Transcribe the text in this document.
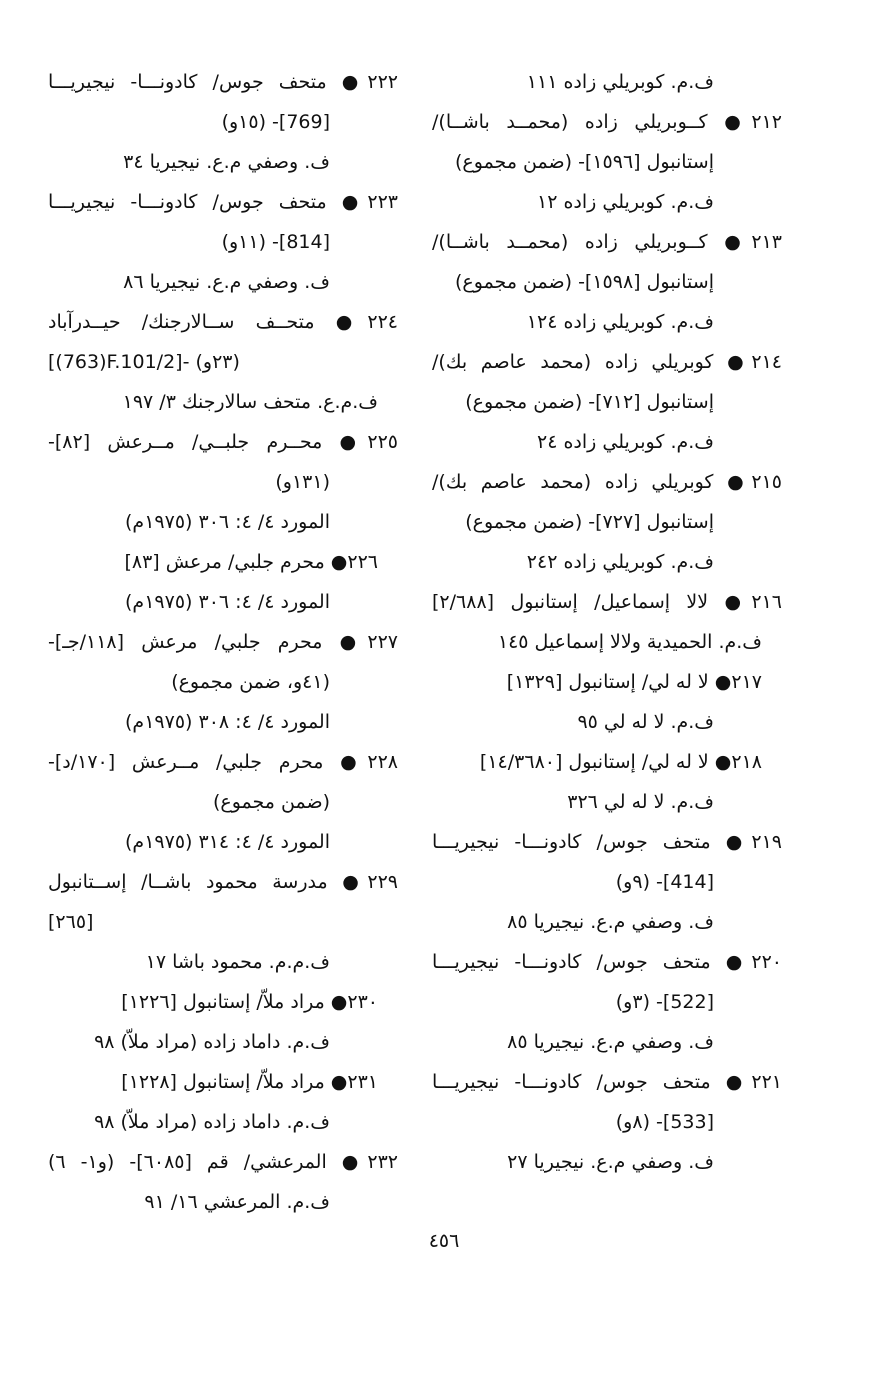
ف.م. كوبريلي زاده ١١١
٢١٢● كــوبريلي زاده (محمــد باشــا)/
إستانبول [١٥٩٦]- (ضمن مجموع)
ف.م. كوبريلي زاده ١٢
٢١٣● كــوبريلي زاده (محمــد باشــا)/
إستانبول [١٥٩٨]- (ضمن مجموع)
ف.م. كوبريلي زاده ١٢٤
٢١٤● كوبريلي زاده (محمد عاصم بك)/
إستانبول [٧١٢]- (ضمن مجموع)
ف.م. كوبريلي زاده ٢٤
٢١٥● كوبريلي زاده (محمد عاصم بك)/
إستانبول [٧٢٧]- (ضمن مجموع)
ف.م. كوبريلي زاده ٢٤٢
٢١٦● لالا إسماعيل/ إستانبول [٢/٦٨٨]
ف.م. الحميدية ولالا إسماعيل ١٤٥
٢١٧● لا له لي/ إستانبول [١٣٢٩]
ف.م. لا له لي ٩٥
٢١٨● لا له لي/ إستانبول [١٤/٣٦٨٠]
ف.م. لا له لي ٣٢٦
٢١٩● متحف جوس/ كادونـــا- نيجيريـــا
[414]- (٩و)
ف. وصفي م.ع. نيجيريا ٨٥
٢٢٠● متحف جوس/ كادونـــا- نيجيريـــا
[522]- (٣و)
ف. وصفي م.ع. نيجيريا ٨٥
٢٢١● متحف جوس/ كادونـــا- نيجيريـــا
[533]- (٨و)
ف. وصفي م.ع. نيجيريا ٢٧
٢٢٢● متحف جوس/ كادونـــا- نيجيريـــا
[769]- (١٥و)
ف. وصفي م.ع. نيجيريا ٣٤
٢٢٣● متحف جوس/ كادونـــا- نيجيريـــا
[814]- (١١و)
ف. وصفي م.ع. نيجيريا ٨٦
٢٢٤● متحــف ســالارجنك/ حيــدرآباد
[(763)F.101/2]- (٢٣و)
ف.م.ع. متحف سالارجنك ٣/ ١٩٧
٢٢٥● محــرم جلبــي/ مــرعش [٨٢]-
(١٣١و)
المورد ٤/ ٤: ٣٠٦ (١٩٧٥م)
٢٢٦● محرم جلبي/ مرعش [٨٣]
المورد ٤/ ٤: ٣٠٦ (١٩٧٥م)
٢٢٧● محرم جلبي/ مرعش [١١٨/جـ]-
(٤١و، ضمن مجموع)
المورد ٤/ ٤: ٣٠٨ (١٩٧٥م)
٢٢٨● محرم جلبي/ مــرعش [١٧٠/د]-
(ضمن مجموع)
المورد ٤/ ٤: ٣١٤ (١٩٧٥م)
٢٢٩● مدرسة محمود باشــا/ إســتانبول
[٢٦٥]
ف.م.م. محمود باشا ١٧
٢٣٠● مراد ملاّ/ إستانبول [١٢٢٦]
ف.م. داماد زاده (مراد ملاّ) ٩٨
٢٣١● مراد ملاّ/ إستانبول [١٢٢٨]
ف.م. داماد زاده (مراد ملاّ) ٩٨
٢٣٢● المرعشي/ قم [٦٠٨٥]- (و١- ٦)
ف.م. المرعشي ١٦/ ٩١
٤٥٦
